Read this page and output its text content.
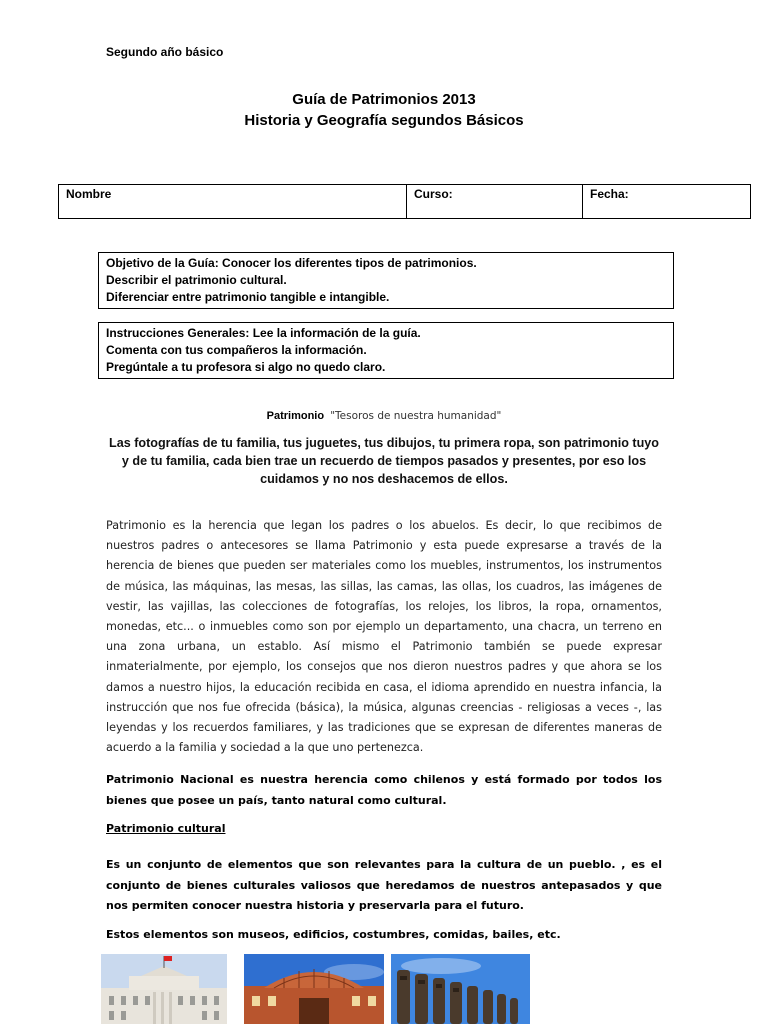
Segundo año básico
Guía de Patrimonios 2013
Historia y Geografía segundos Básicos
Nombre	Curso:	Fecha:
Objetivo de la Guía: Conocer los diferentes tipos de patrimonios.
Describir el patrimonio cultural.
Diferenciar entre patrimonio tangible e intangible.
Instrucciones Generales: Lee la información de la guía.
Comenta con tus compañeros la información.
Pregúntale a tu profesora si algo no quedo claro.
Patrimonio "Tesoros de nuestra humanidad"
Las fotografías de tu familia, tus juguetes, tus dibujos, tu primera ropa, son patrimonio tuyo y de tu familia, cada bien trae un recuerdo de tiempos pasados y presentes, por eso los cuidamos y no nos deshacemos de ellos.
Patrimonio es la herencia que legan los padres o los abuelos. Es decir, lo que recibimos de nuestros padres o antecesores se llama Patrimonio y esta puede expresarse a través de la herencia de bienes que pueden ser materiales como los muebles, instrumentos, los instrumentos de música, las máquinas, las mesas, las sillas, las camas, las ollas, los cuadros, las imágenes de vestir, las vajillas, las colecciones de fotografías, los relojes, los libros, la ropa, ornamentos, monedas, etc... o inmuebles como son por ejemplo un departamento, una chacra, un terreno en una zona urbana, un establo. Así mismo el Patrimonio también se puede expresar inmaterialmente, por ejemplo, los consejos que nos dieron nuestros padres y que ahora se los damos a nuestro hijos, la educación recibida en casa, el idioma aprendido en nuestra infancia, la instrucción que nos fue ofrecida (básica), la música, algunas creencias - religiosas a veces -, las leyendas y los recuerdos familiares, y las tradiciones que se expresan de diferentes maneras de acuerdo a la familia y sociedad a la que uno pertenezca.
Patrimonio Nacional es nuestra herencia como chilenos y está formado por todos los bienes que posee un país, tanto natural como cultural.
Patrimonio cultural
Es un conjunto de elementos que son relevantes para la cultura de un pueblo. , es el conjunto de bienes culturales valiosos que heredamos de nuestros antepasados y que nos permiten conocer nuestra historia y preservarla para el futuro.
Estos elementos son museos, edificios, costumbres, comidas, bailes, etc.
